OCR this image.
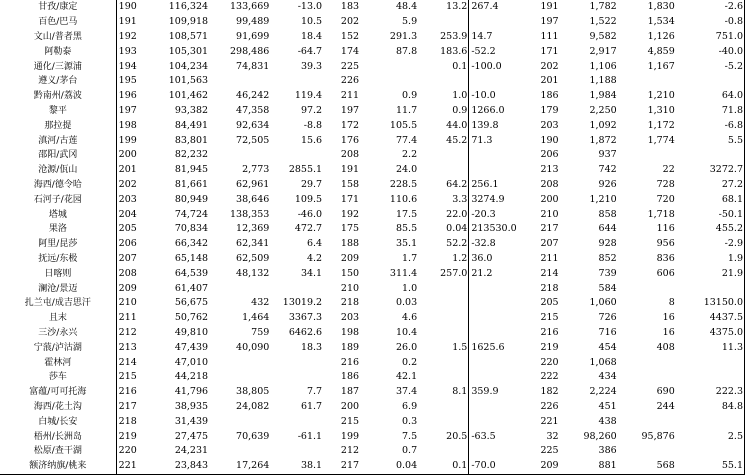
甘孜/康定	190	116,324	133,669	-13.0	183	48.4	13.2	267.4	191	1,782	1,830	-2.6
百色/巴马	191	109,918	99,489	10.5	202	5.9			197	1,522	1,534	-0.8
文山/普者黑	192	108,571	91,699	18.4	152	291.3	253.9	14.7	111	9,582	1,126	751.0
阿勒泰	193	105,301	298,486	-64.7	174	87.8	183.6	-52.2	171	2,917	4,859	-40.0
通化/三源浦	194	104,234	74,831	39.3	225		0.1	-100.0	202	1,106	1,167	-5.2
遵义/茅台	195	101,563			226				201	1,188		
黔南州/荔波	196	101,462	46,242	119.4	211	0.9	1.0	-10.0	186	1,984	1,210	64.0
黎平	197	93,382	47,358	97.2	197	11.7	0.9	1266.0	179	2,250	1,310	71.8
那拉提	198	84,491	92,634	-8.8	172	105.5	44.0	139.8	203	1,092	1,172	-6.8
滇河/古莲	199	83,801	72,505	15.6	176	77.4	45.2	71.3	190	1,872	1,774	5.5
邵阳/武冈	200	82,232			208	2.2			206	937		
沧源/佤山	201	81,945	2,773	2855.1	191	24.0			213	742	22	3272.7
海西/德令哈	202	81,661	62,961	29.7	158	228.5	64.2	256.1	208	926	728	27.2
石河子/花园	203	80,949	38,646	109.5	171	110.6	3.3	3274.9	200	1,210	720	68.1
塔城	204	74,724	138,353	-46.0	192	17.5	22.0	-20.3	210	858	1,718	-50.1
果洛	205	70,834	12,369	472.7	175	85.5	0.04	213530.0	217	644	116	455.2
阿里/昆莎	206	66,342	62,341	6.4	188	35.1	52.2	-32.8	207	928	956	-2.9
抚远/东极	207	65,148	62,509	4.2	209	1.7	1.2	36.0	211	852	836	1.9
日喀则	208	64,539	48,132	34.1	150	311.4	257.0	21.2	214	739	606	21.9
澜沧/景迈	209	61,407			210	1.0			218	584		
扎兰屯/成吉思汗	210	56,675	432	13019.2	218	0.03			205	1,060	8	13150.0
且末	211	50,762	1,464	3367.3	203	4.6			215	726	16	4437.5
三沙/永兴	212	49,810	759	6462.6	198	10.4			216	716	16	4375.0
宁蒗/泸沽湖	213	47,439	40,090	18.3	189	26.0	1.5	1625.6	219	454	408	11.3
霍林河	214	47,010			216	0.2			220	1,068		
莎车	215	44,218			186	42.1			222	434		
富蕴/可可托海	216	41,796	38,805	7.7	187	37.4	8.1	359.9	182	2,224	690	222.3
海西/花土沟	217	38,935	24,082	61.7	200	6.9			226	451	244	84.8
白城/长安	218	31,439			215	0.3			221	438		
梧州/长洲岛	219	27,475	70,639	-61.1	199	7.5	20.5	-63.5	32	98,260	95,876	2.5
松原/查干湖	220	24,231			212	0.7			225	386		
额济纳旗/桃来	221	23,843	17,264	38.1	217	0.04	0.1	-70.0	209	881	568	55.1
